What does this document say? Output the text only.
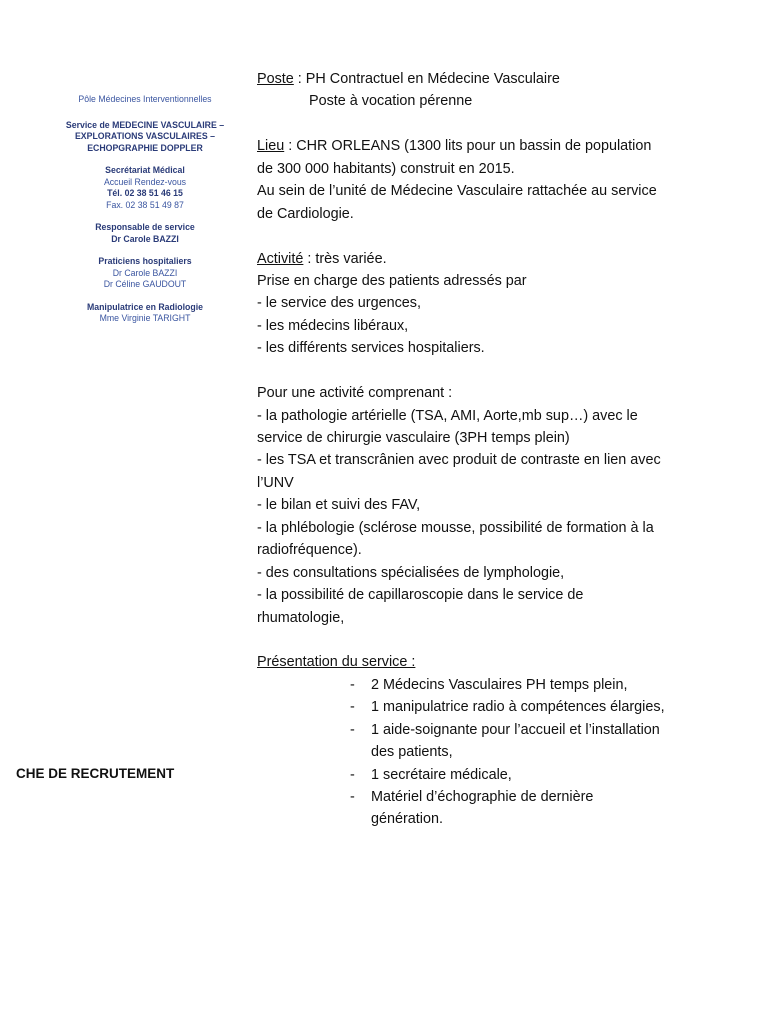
Pôle Médecines Interventionnelles
Service de MEDECINE VASCULAIRE –
EXPLORATIONS VASCULAIRES –
ECHOPGRAPHIE DOPPLER
Secrétariat Médical
Accueil Rendez-vous
Tél. 02 38 51 46 15
Fax. 02 38 51 49 87
Responsable de service
Dr Carole BAZZI
Praticiens hospitaliers
Dr Carole BAZZI
Dr Céline GAUDOUT
Manipulatrice en Radiologie
Mme Virginie TARIGHT
CHE DE RECRUTEMENT
Poste : PH Contractuel en Médecine Vasculaire
Poste à vocation pérenne
Lieu : CHR ORLEANS (1300 lits pour un bassin de population
de 300 000 habitants) construit en 2015.
Au sein de l’unité de Médecine Vasculaire rattachée au service
de Cardiologie.
Activité : très variée.
Prise en charge des patients adressés par
- le service des urgences,
- les médecins libéraux,
- les différents services hospitaliers.
Pour une activité comprenant :
- la pathologie artérielle (TSA, AMI, Aorte,mb sup…) avec le
service de chirurgie vasculaire (3PH temps plein)
- les TSA et transcrânien avec produit de contraste en lien avec
l’UNV
- le bilan et suivi des FAV,
- la phlébologie (sclérose mousse, possibilité de formation à la
radiofréquence).
- des consultations spécialisées de lymphologie,
- la possibilité de capillaroscopie dans le service de
rhumatologie,
Présentation du service :
- 2 Médecins Vasculaires PH temps plein,
- 1 manipulatrice radio à compétences élargies,
- 1 aide-soignante pour l’accueil et l’installation
des patients,
- 1 secrétaire médicale,
- Matériel d’échographie de dernière
génération.
